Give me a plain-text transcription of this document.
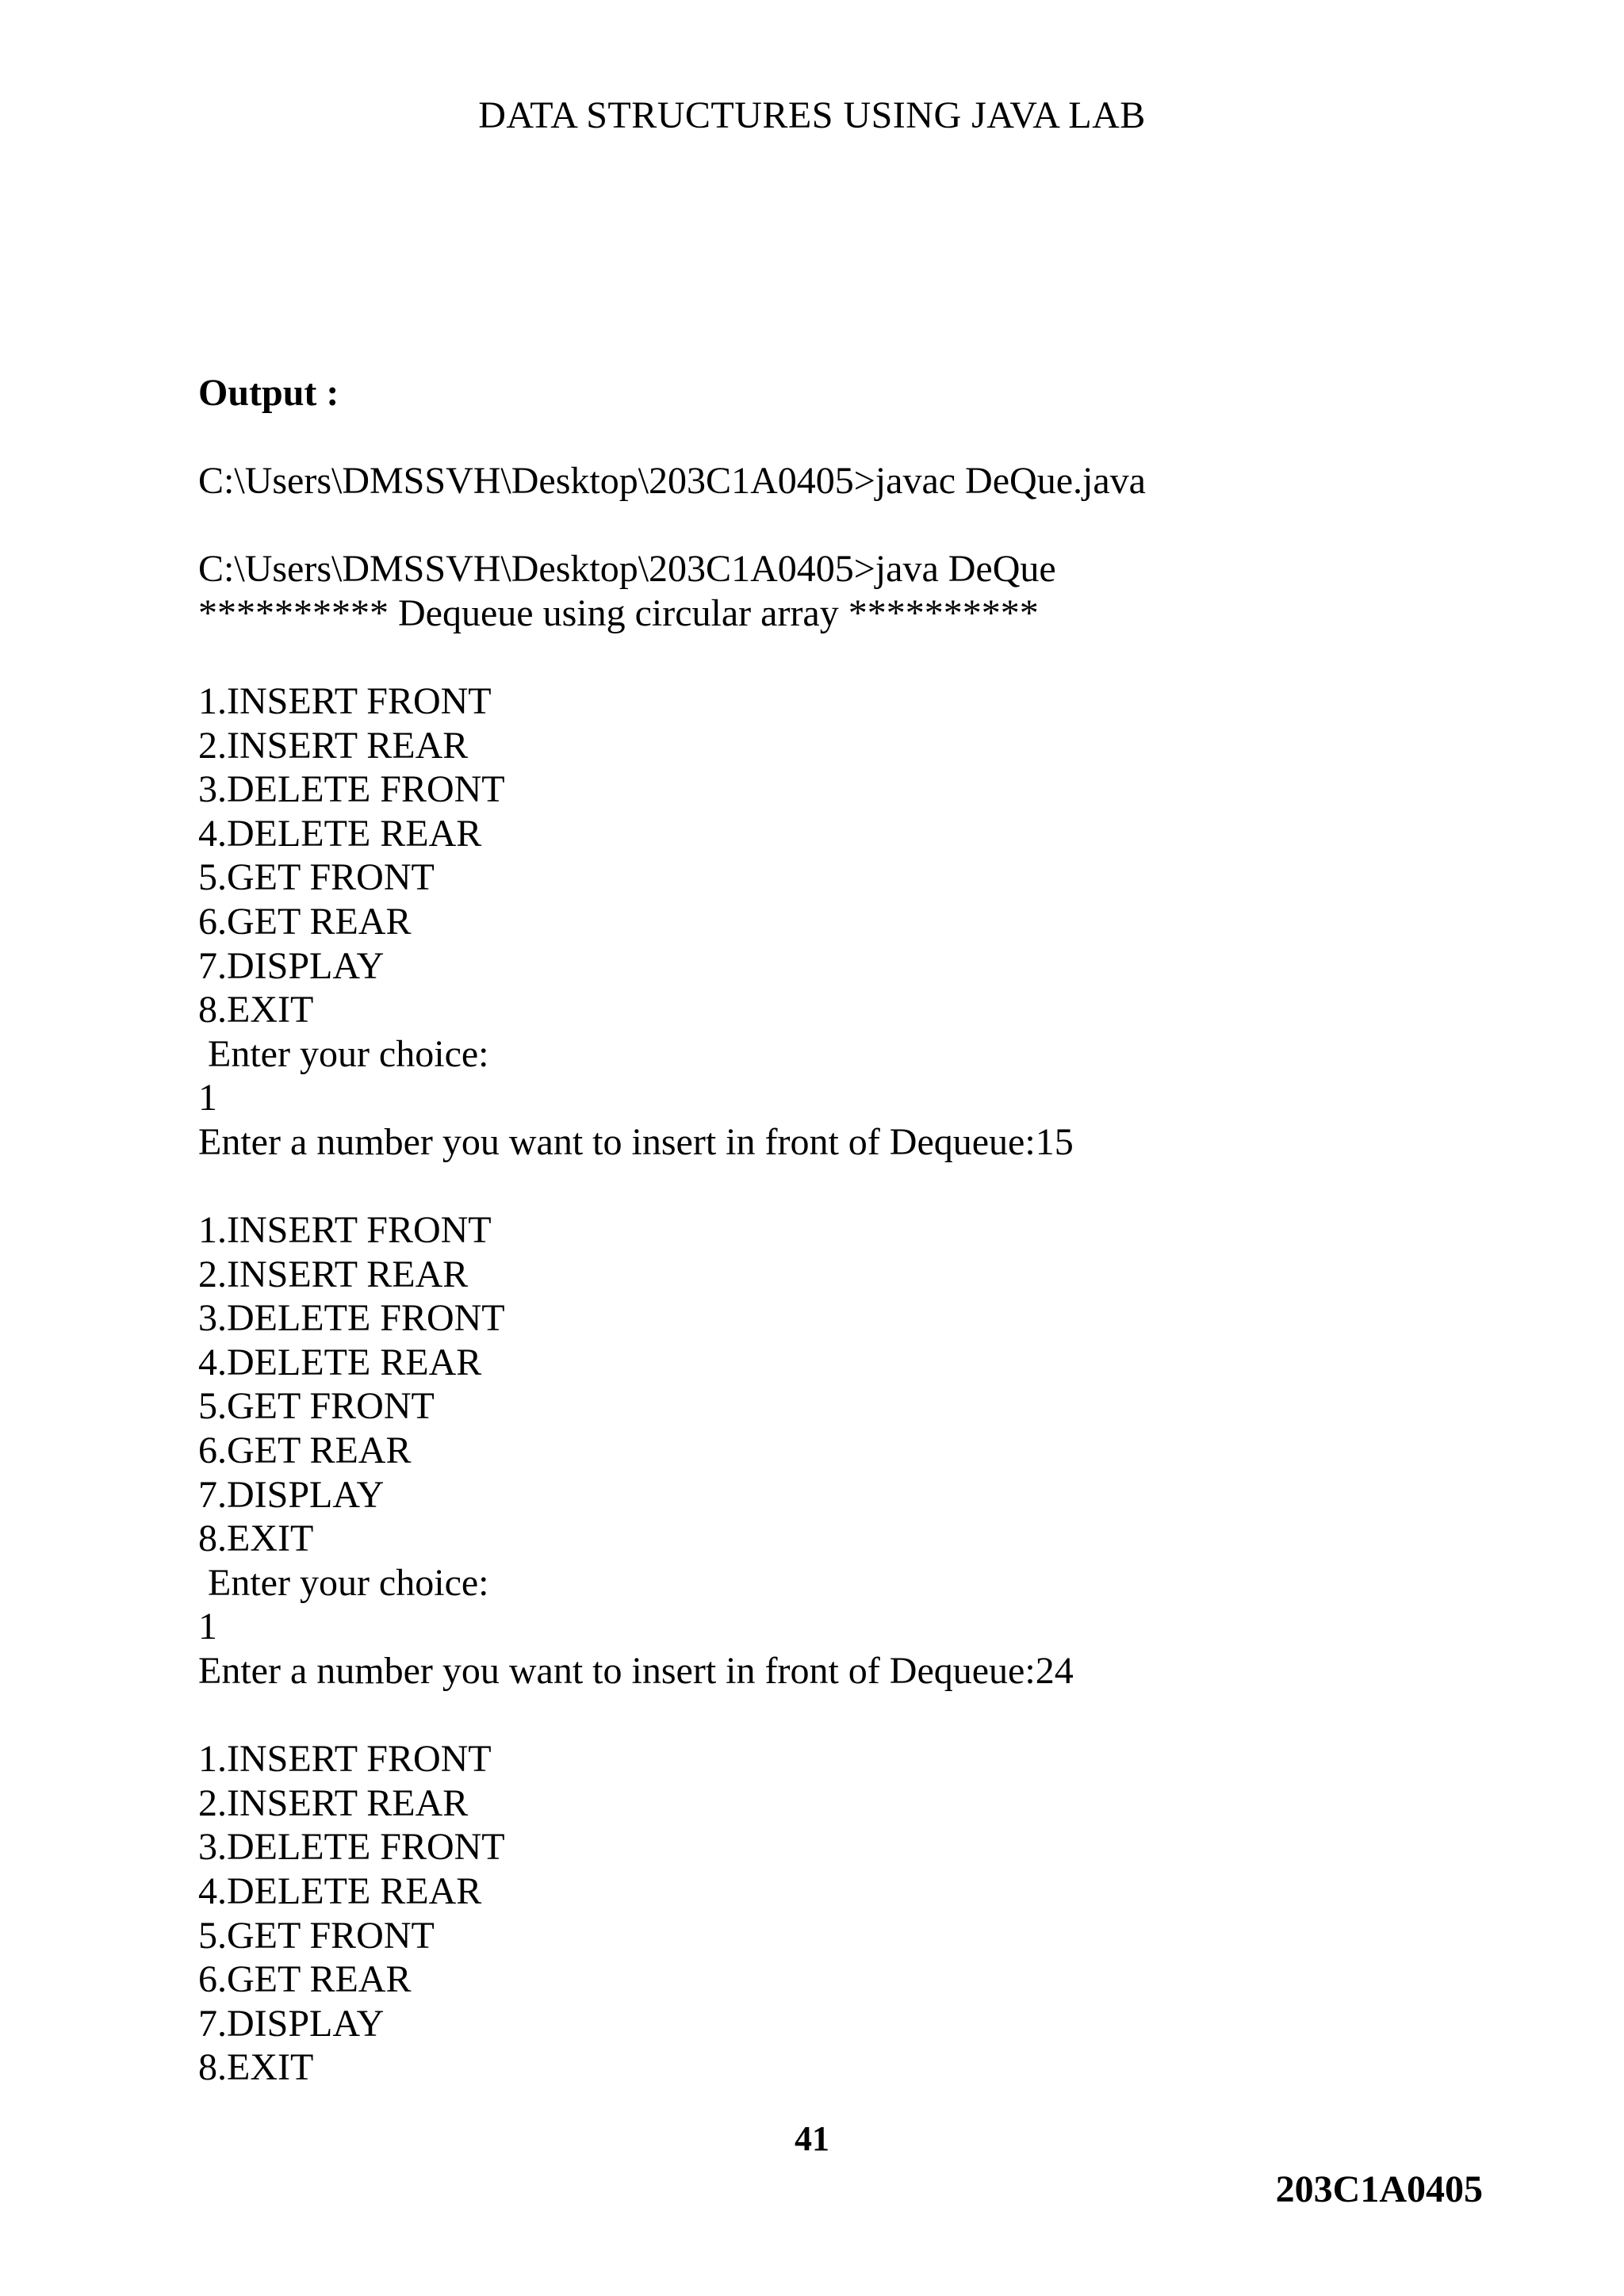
DATA STRUCTURES USING JAVA LAB
Output :
C:\Users\DMSSVH\Desktop\203C1A0405>javac DeQue.java
C:\Users\DMSSVH\Desktop\203C1A0405>java DeQue
********** Dequeue using circular array **********
1.INSERT FRONT
2.INSERT REAR
3.DELETE FRONT
4.DELETE REAR
5.GET FRONT
6.GET REAR
7.DISPLAY
8.EXIT
Enter your choice:
1
Enter a number you want to insert in front of Dequeue:15
1.INSERT FRONT
2.INSERT REAR
3.DELETE FRONT
4.DELETE REAR
5.GET FRONT
6.GET REAR
7.DISPLAY
8.EXIT
Enter your choice:
1
Enter a number you want to insert in front of Dequeue:24
1.INSERT FRONT
2.INSERT REAR
3.DELETE FRONT
4.DELETE REAR
5.GET FRONT
6.GET REAR
7.DISPLAY
8.EXIT
41
203C1A0405
